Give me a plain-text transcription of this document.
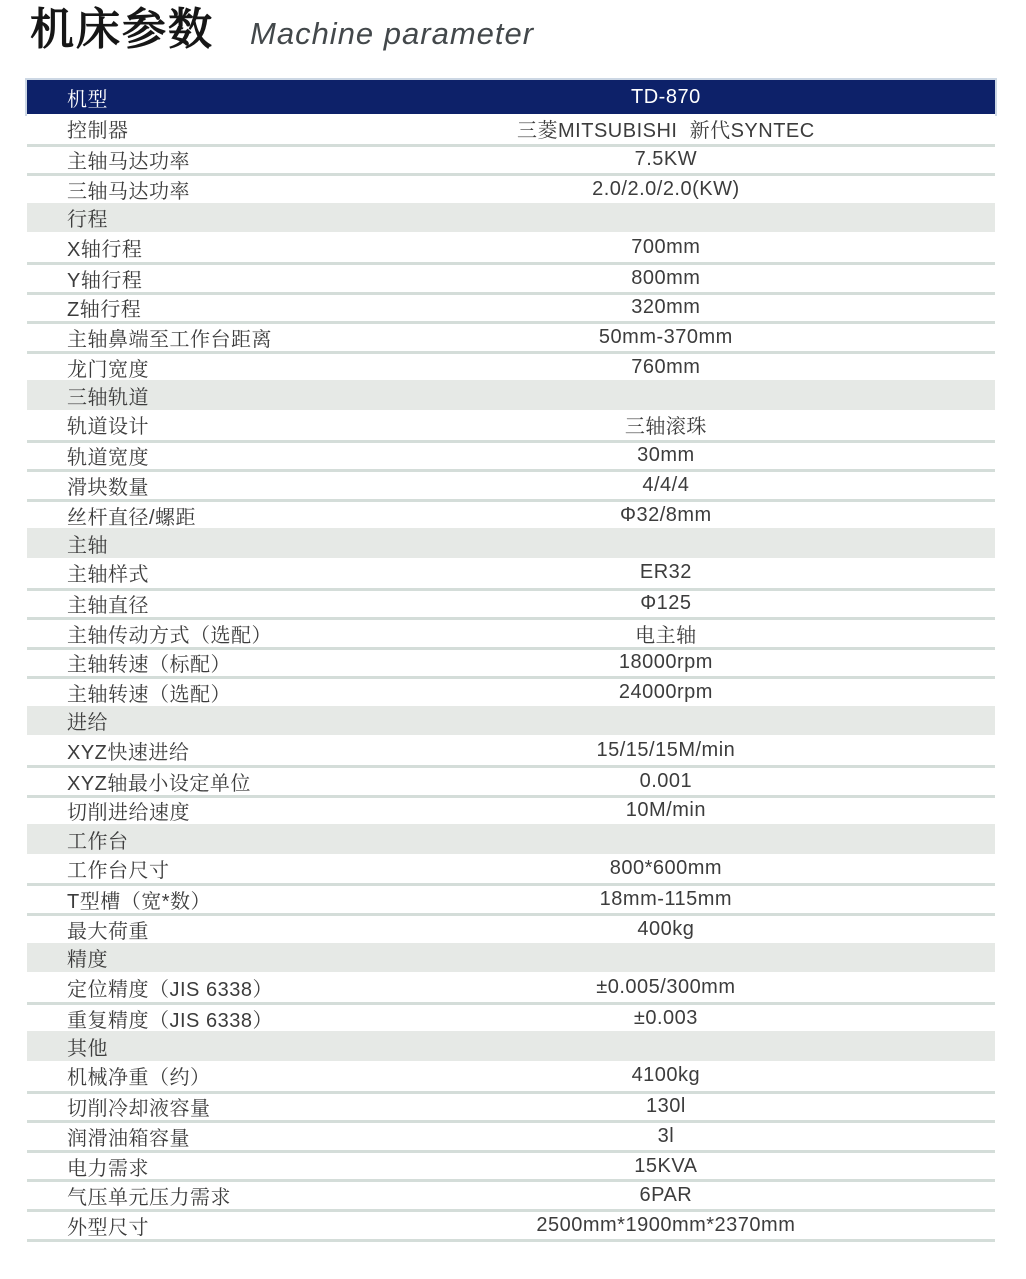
机床参数 Machine parameter
机型	TD-870
控制器	三菱MITSUBISHI  新代SYNTEC
主轴马达功率	7.5KW
三轴马达功率	2.0/2.0/2.0(KW)
行程
X轴行程	700mm
Y轴行程	800mm
Z轴行程	320mm
主轴鼻端至工作台距离	50mm-370mm
龙门宽度	760mm
三轴轨道
轨道设计	三轴滚珠
轨道宽度	30mm
滑块数量	4/4/4
丝杆直径/螺距	Φ32/8mm
主轴
主轴样式	ER32
主轴直径	Φ125
主轴传动方式（选配）	电主轴
主轴转速（标配）	18000rpm
主轴转速（选配）	24000rpm
进给
XYZ快速进给	15/15/15M/min
XYZ轴最小设定单位	0.001
切削进给速度	10M/min
工作台
工作台尺寸	800*600mm
T型槽（宽*数）	18mm-115mm
最大荷重	400kg
精度
定位精度（JIS 6338）	±0.005/300mm
重复精度（JIS 6338）	±0.003
其他
机械净重（约）	4100kg
切削冷却液容量	130l
润滑油箱容量	3l
电力需求	15KVA
气压单元压力需求	6PAR
外型尺寸	2500mm*1900mm*2370mm
